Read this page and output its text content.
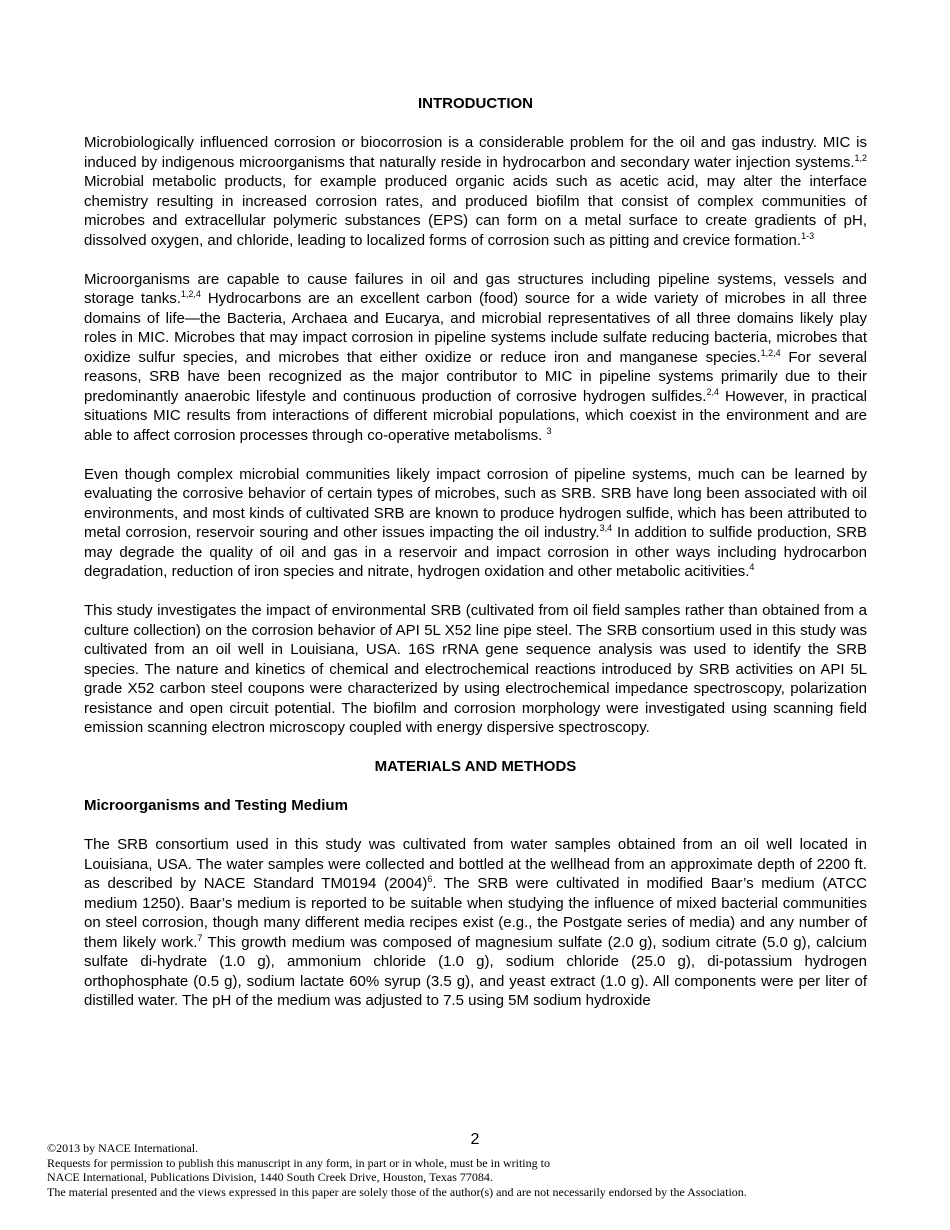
INTRODUCTION

Microbiologically influenced corrosion or biocorrosion is a considerable problem for the oil and gas industry. MIC is induced by indigenous microorganisms that naturally reside in hydrocarbon and secondary water injection systems.$^{1,2}$ Microbial metabolic products, for example produced organic acids such as acetic acid, may alter the interface chemistry resulting in increased corrosion rates, and produced biofilm that consist of complex communities of microbes and extracellular polymeric substances (EPS) can form on a metal surface to create gradients of pH, dissolved oxygen, and chloride, leading to localized forms of corrosion such as pitting and crevice formation.$^{1-3}$

Microorganisms are capable to cause failures in oil and gas structures including pipeline systems, vessels and storage tanks.$^{1,2,4}$ Hydrocarbons are an excellent carbon (food) source for a wide variety of microbes in all three domains of life—the Bacteria, Archaea and Eucarya, and microbial representatives of all three domains likely play roles in MIC. Microbes that may impact corrosion in pipeline systems include sulfate reducing bacteria, microbes that oxidize sulfur species, and microbes that either oxidize or reduce iron and manganese species.$^{1,2,4}$ For several reasons, SRB have been recognized as the major contributor to MIC in pipeline systems primarily due to their predominantly anaerobic lifestyle and continuous production of corrosive hydrogen sulfides.$^{2,4}$ However, in practical situations MIC results from interactions of different microbial populations, which coexist in the environment and are able to affect corrosion processes through co-operative metabolisms. $^3$

Even though complex microbial communities likely impact corrosion of pipeline systems, much can be learned by evaluating the corrosive behavior of certain types of microbes, such as SRB. SRB have long been associated with oil environments, and most kinds of cultivated SRB are known to produce hydrogen sulfide, which has been attributed to metal corrosion, reservoir souring and other issues impacting the oil industry.$^{3,4}$ In addition to sulfide production, SRB may degrade the quality of oil and gas in a reservoir and impact corrosion in other ways including hydrocarbon degradation, reduction of iron species and nitrate, hydrogen oxidation and other metabolic acitivities.$^4$

This study investigates the impact of environmental SRB (cultivated from oil field samples rather than obtained from a culture collection) on the corrosion behavior of API 5L X52 line pipe steel. The SRB consortium used in this study was cultivated from an oil well in Louisiana, USA. 16S rRNA gene sequence analysis was used to identify the SRB species. The nature and kinetics of chemical and electrochemical reactions introduced by SRB activities on API 5L grade X52 carbon steel coupons were characterized by using electrochemical impedance spectroscopy, polarization resistance and open circuit potential. The biofilm and corrosion morphology were investigated using scanning field emission scanning electron microscopy coupled with energy dispersive spectroscopy.

MATERIALS AND METHODS

Microorganisms and Testing Medium

The SRB consortium used in this study was cultivated from water samples obtained from an oil well located in Louisiana, USA. The water samples were collected and bottled at the wellhead from an approximate depth of 2200 ft. as described by NACE Standard TM0194 $(2004)^6$. The SRB were cultivated in modified Baar’s medium (ATCC medium 1250). Baar’s medium is reported to be suitable when studying the influence of mixed bacterial communities on steel corrosion, though many different media recipes exist (e.g., the Postgate series of media) and any number of them likely work.$^7$ This growth medium was composed of magnesium sulfate (2.0 g), sodium citrate (5.0 g), calcium sulfate di-hydrate (1.0 g), ammonium chloride (1.0 g), sodium chloride (25.0 g), di-potassium hydrogen orthophosphate (0.5 g), sodium lactate 60% syrup (3.5 g), and yeast extract (1.0 g). All components were per liter of distilled water. The pH of the medium was adjusted to 7.5 using 5M sodium hydroxide

2
©2013 by NACE International.
Requests for permission to publish this manuscript in any form, in part or in whole, must be in writing to
NACE International, Publications Division, 1440 South Creek Drive, Houston, Texas 77084.
The material presented and the views expressed in this paper are solely those of the author(s) and are not necessarily endorsed by the Association.
